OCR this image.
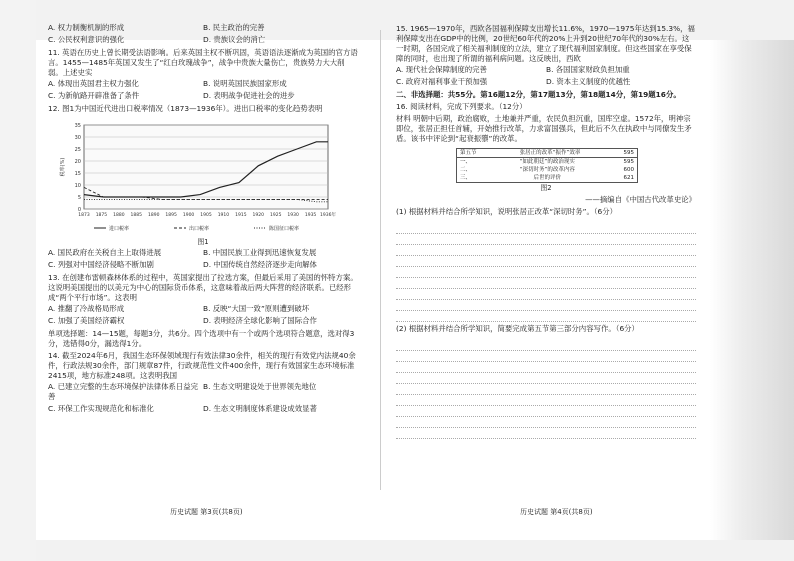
A. 权力制衡机制的形成	B. 民主政治的完善
C. 公民权利意识的强化	D. 贵族议会的消亡
11. 英语在历史上曾长期受法语影响。后来英国主权不断巩固，英语语法逐渐成为英国的官方语言。1455—1485年英国又发生了“红白玫瑰战争”，战争中贵族大量伤亡，贵族势力大大削弱。上述史实
A. 体现出英国君主权力强化	B. 说明英国民族国家形成
C. 为新航路开辟准备了条件	D. 表明战争促进社会的进步
12. 图1为中国近代进出口税率情况（1873—1936年）。进出口税率的变化趋势表明
0
5
10
15
20
25
30
35
1873 1875 1880 1885 1890 1895 1900 1905 1910 1915 1920 1925 1930 1935 1936年
税率(%)
进口税率	出口税率	陈国征口税率
图1
A. 国民政府在关税自主上取得进展	B. 中国民族工业得到迅速恢复发展
C. 列强对中国经济侵略不断加剧	D. 中国传统自然经济逐步走向解体
13. 在创建布雷顿森林体系的过程中，英国家提出了拉选方案，但最后采用了美国的怀特方案。这说明美国提出的以美元为中心的国际货币体系，这意味着战后两大阵营的经济联系。已经形成“两个平行市场”。这表明
A. 推翻了冷战格局形成	B. 反映“大国一致”原则遭到破坏
C. 加强了美国经济霸权	D. 表明经济全球化影响了国际合作
单项选择题：14—15题，每题3分，共6分。四个选项中有一个或两个选项符合题意，选对得3分，选错得0分，漏选得1分。
14. 截至2024年6月，我国生态环保领域现行有效法律30余件，相关的现行有效党内法规40余件，行政法规30余件，部门规章87件，行政规范性文件400余件，现行有效国家生态环境标准2415项，地方标准248项。这表明我国
A. 已建立完整的生态环境保护法律体系日益完善
B. 生态文明建设处于世界领先地位
C. 环保工作实现规范化和标准化	D. 生态文明制度体系建设成效显著
历史试题 第3页(共8页)
15. 1965—1970年，西欧各国福利保障支出增长11.6%，1970—1975年达到15.3%，福利保障支出在GDP中的比例，20世纪60年代的20%上升到20世纪70年代的30%左右。这一时期，各国完成了相关福利制度的立法，建立了现代福利国家制度。但这些国家在享受保障的同时，也出现了所谓的福利病问题。这反映出，西欧
A. 现代社会保障制度的完善	B. 各国国家财政负担加重
C. 政府对福利事业干预加强	D. 资本主义制度的优越性
二、非选择题：共55分。第16题12分，第17题13分，第18题14分，第19题16分。
16. 阅读材料，完成下列要求。（12分）
材料 明朝中后期，政治腐败，土地兼并严重，农民负担沉重，国库空虚。1572年，明神宗即位，张居正担任首辅，开始推行改革，力求富国强兵，但此后不久在执政中与同僚发生矛盾。该书中评论到“起衰振隳”的改革。
第五节	张居正的改革“振作”效率	595
一、	“如此朝廷”的政治现实	595
二、	“深切时务”的改革内容	600
三、	后世的评价	621
图2
——摘编自《中国古代改革史论》
(1) 根据材料并结合所学知识，说明张居正改革“深切时务”。（6分）
(2) 根据材料并结合所学知识，简要完成第五节第三部分内容写作。（6分）
历史试题 第4页(共8页)
